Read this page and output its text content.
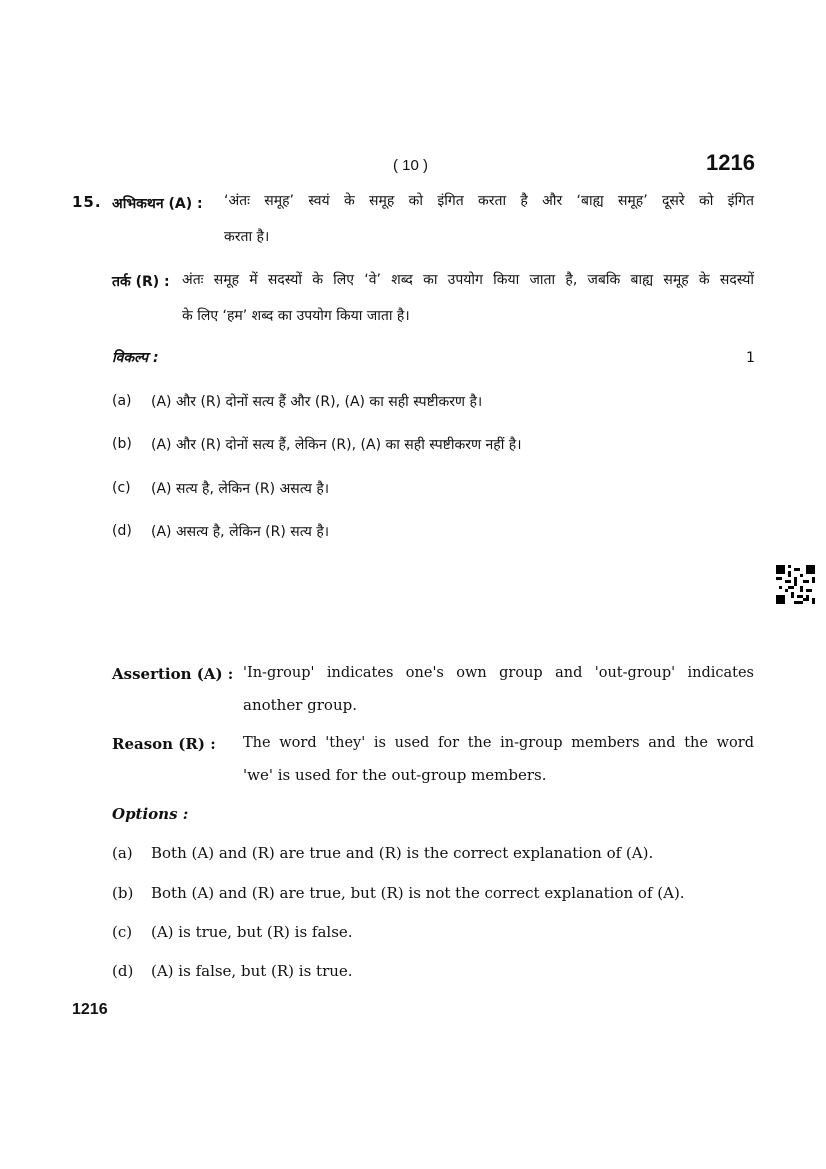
( 10 )	1216
15. अभिकथन (A) : ‘अंतः समूह’ स्वयं के समूह को इंगित करता है और ‘बाह्य समूह’ दूसरे को इंगित
करता है।
तर्क (R) : अंतः समूह में सदस्यों के लिए ‘वे’ शब्द का उपयोग किया जाता है, जबकि बाह्य समूह के सदस्यों
के लिए ‘हम’ शब्द का उपयोग किया जाता है।
विकल्प :	1
(a) (A) और (R) दोनों सत्य हैं और (R), (A) का सही स्पष्टीकरण है।
(b) (A) और (R) दोनों सत्य हैं, लेकिन (R), (A) का सही स्पष्टीकरण नहीं है।
(c) (A) सत्य है, लेकिन (R) असत्य है।
(d) (A) असत्य है, लेकिन (R) सत्य है।
Assertion (A) : 'In-group' indicates one's own group and 'out-group' indicates
another group.
Reason (R) : The word 'they' is used for the in-group members and the word
'we' is used for the out-group members.
Options :
(a) Both (A) and (R) are true and (R) is the correct explanation of (A).
(b) Both (A) and (R) are true, but (R) is not the correct explanation of (A).
(c) (A) is true, but (R) is false.
(d) (A) is false, but (R) is true.
1216
